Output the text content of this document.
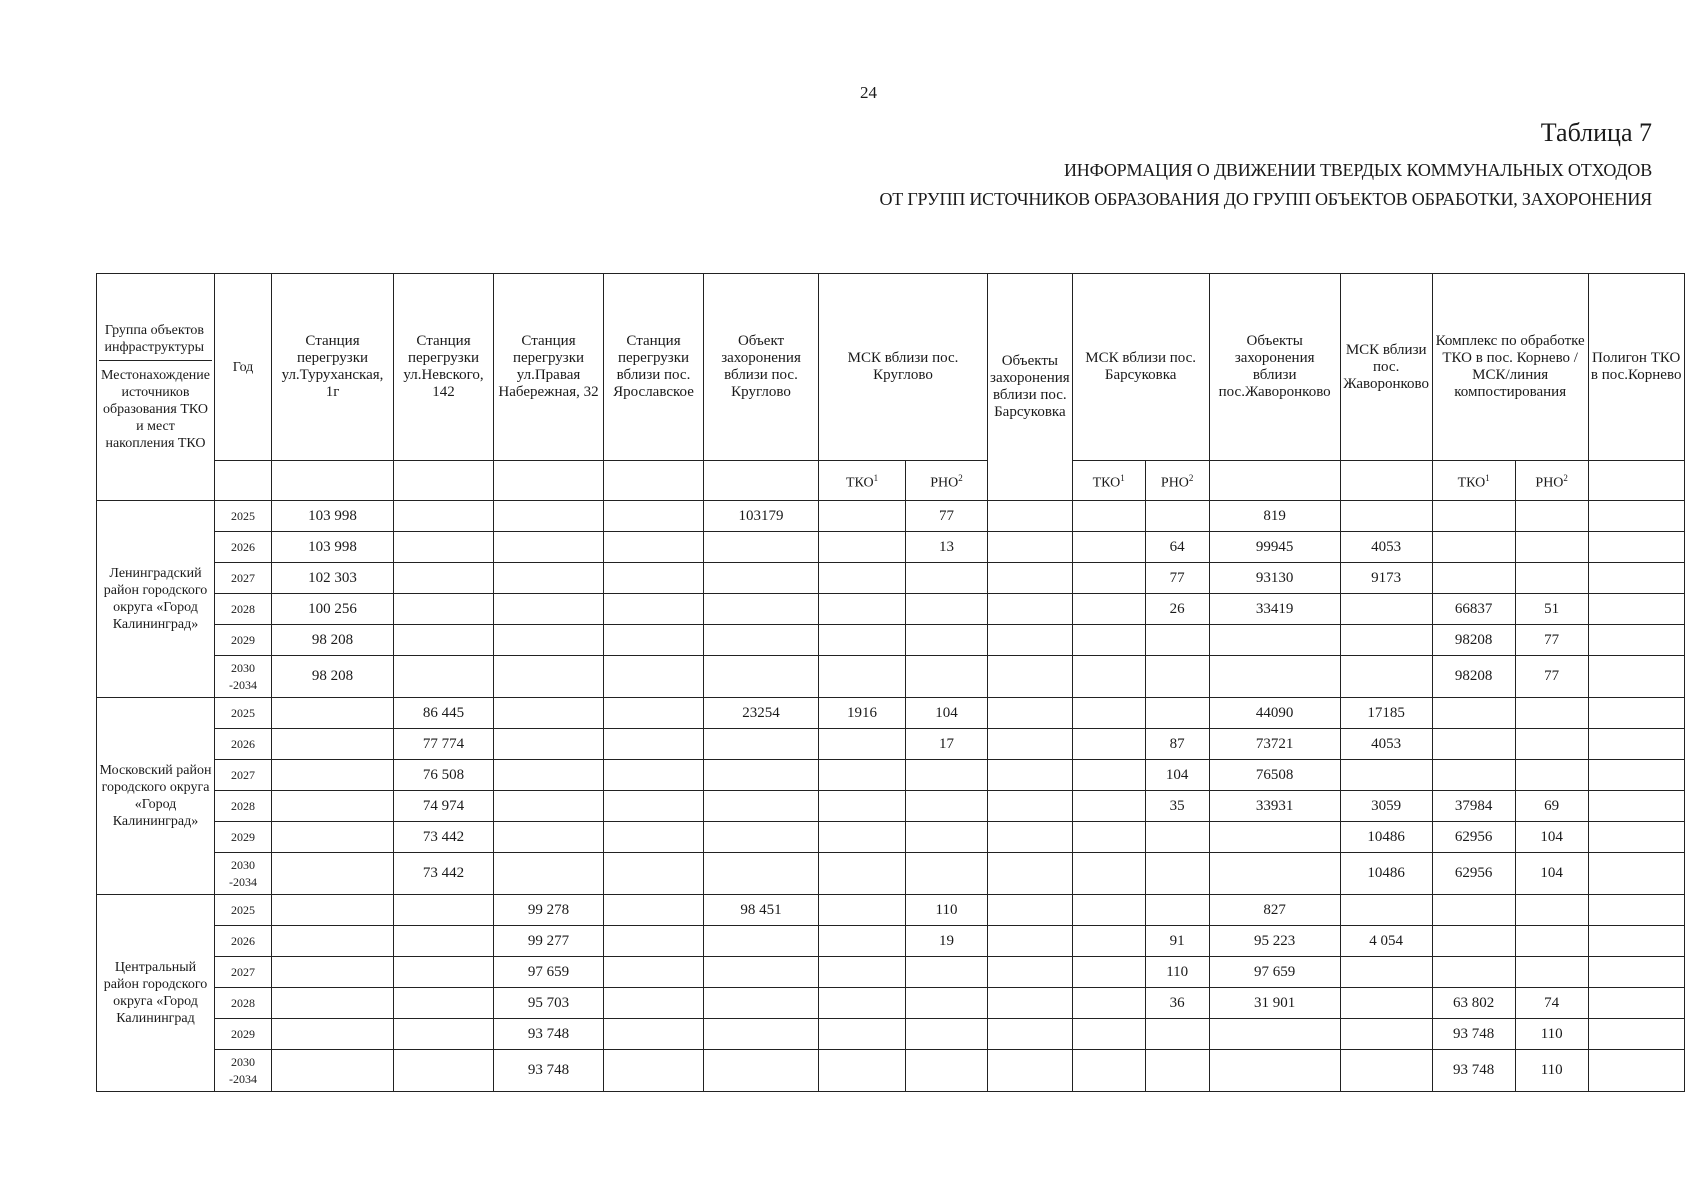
24
Таблица 7
ИНФОРМАЦИЯ О ДВИЖЕНИИ ТВЕРДЫХ КОММУНАЛЬНЫХ ОТХОДОВ
ОТ ГРУПП ИСТОЧНИКОВ ОБРАЗОВАНИЯ ДО ГРУПП ОБЪЕКТОВ ОБРАБОТКИ, ЗАХОРОНЕНИЯ
Группа объектов инфраструктуры
Местонахождение источников образования ТКО и мест накопления ТКО	Год	Станция перегрузки ул.Туруханская, 1г	Станция перегрузки ул.Невского, 142	Станция перегрузки ул.Правая Набережная, 32	Станция перегрузки вблизи пос. Ярославское	Объект захоронения вблизи пос. Круглово	МСК вблизи пос. Круглово		Объекты захоронения вблизи пос. Барсуковка	МСК вблизи пос. Барсуковка		Объекты захоронения вблизи пос.Жаворонково	МСК вблизи пос. Жаворонково	Комплекс по обработке ТКО в пос. Корнево /МСК/линия компостирования		Полигон ТКО в пос.Корнево
							ТКО$^1$	РНО$^2$		ТКО$^1$	РНО$^2$			ТКО$^1$	РНО$^2$	
Ленинградский район городского округа «Город Калининград»	2025	103 998				103179		77				819				
	2026	103 998						13			64	99945	4053			
	2027	102 303									77	93130	9173			
	2028	100 256									26	33419		66837	51	
	2029	98 208												98208	77	
	2030 -2034	98 208												98208	77	
Московский район городского округа «Город Калининград»	2025		86 445			23254	1916	104				44090	17185			
	2026		77 774					17			87	73721	4053			
	2027		76 508								104	76508				
	2028		74 974								35	33931	3059	37984	69	
	2029		73 442										10486	62956	104	
	2030 -2034		73 442										10486	62956	104	
Центральный район городского округа «Город Калининград	2025			99 278		98 451		110				827				
	2026			99 277				19			91	95 223	4 054			
	2027			97 659							110	97 659				
	2028			95 703							36	31 901		63 802	74	
	2029			93 748										93 748	110	
	2030 -2034			93 748										93 748	110	
